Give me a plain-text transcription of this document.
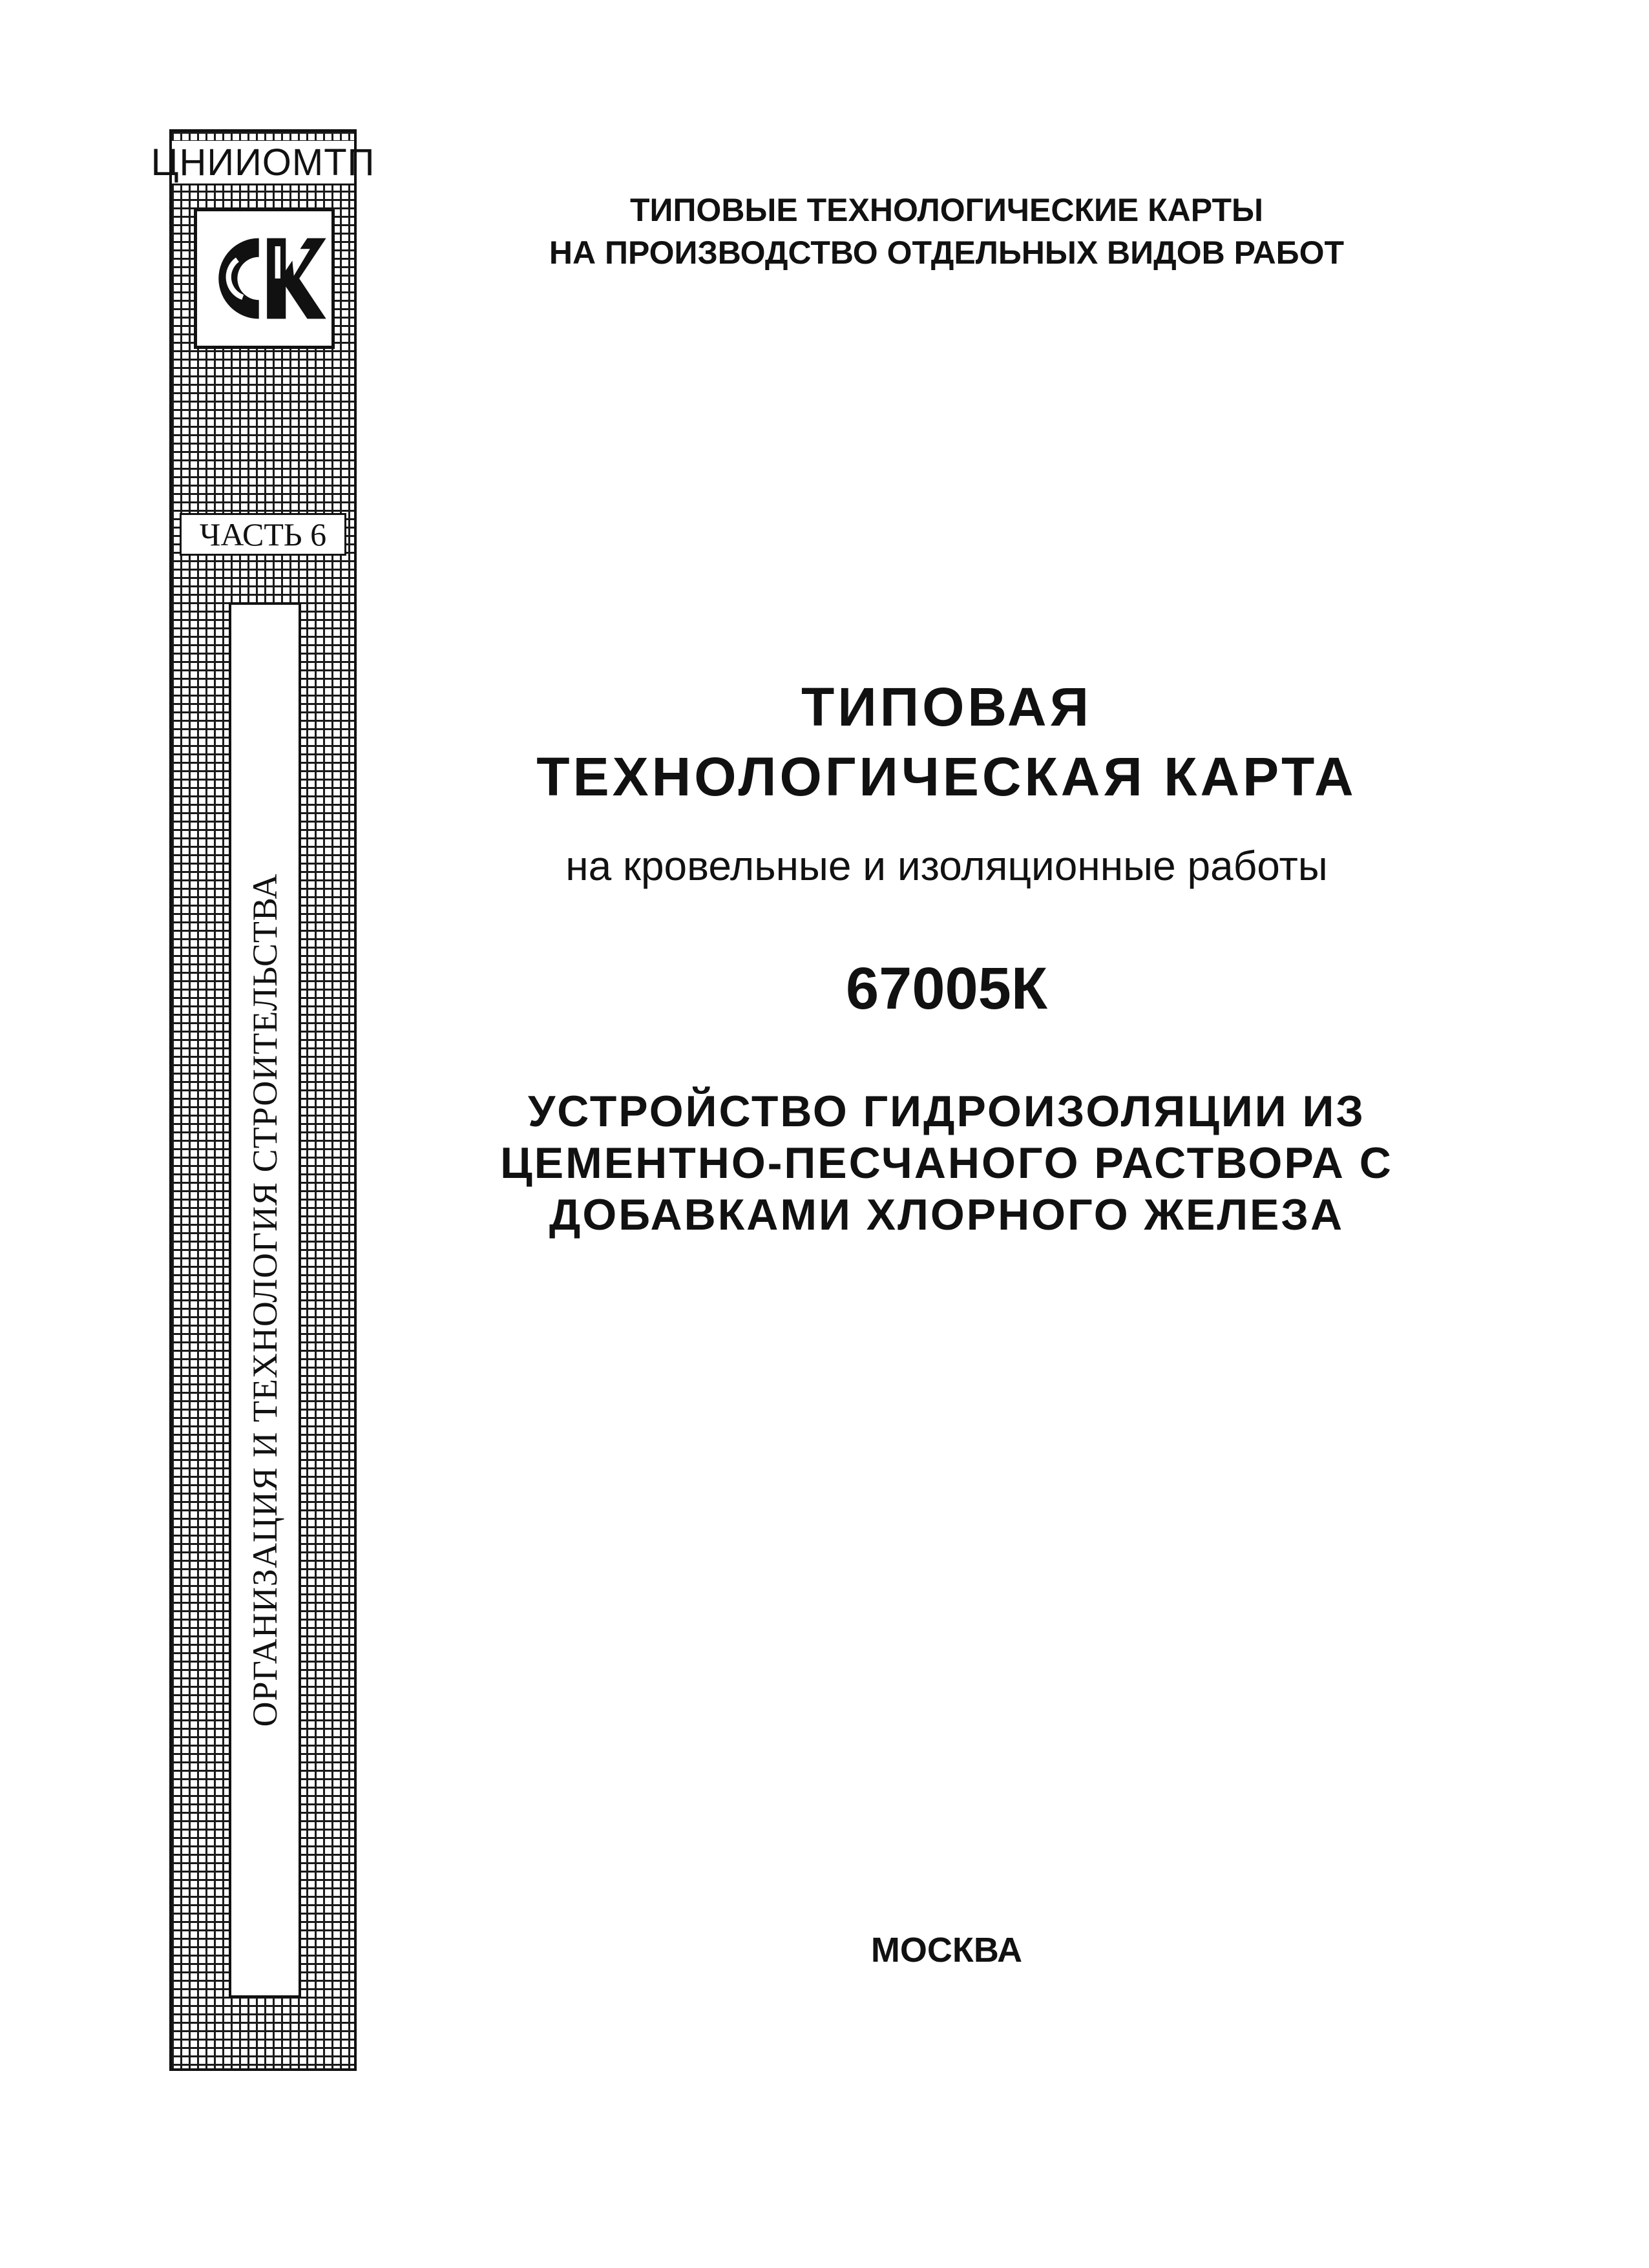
ЦНИИОМТП
ЧАСТЬ 6
ОРГАНИЗАЦИЯ И ТЕХНОЛОГИЯ СТРОИТЕЛЬСТВА
ТИПОВЫЕ ТЕХНОЛОГИЧЕСКИЕ КАРТЫ
НА ПРОИЗВОДСТВО ОТДЕЛЬНЫХ ВИДОВ РАБОТ
ТИПОВАЯ
ТЕХНОЛОГИЧЕСКАЯ КАРТА
на кровельные и изоляционные работы
67005К
УСТРОЙСТВО ГИДРОИЗОЛЯЦИИ ИЗ
ЦЕМЕНТНО-ПЕСЧАНОГО РАСТВОРА С
ДОБАВКАМИ ХЛОРНОГО ЖЕЛЕЗА
МОСКВА
